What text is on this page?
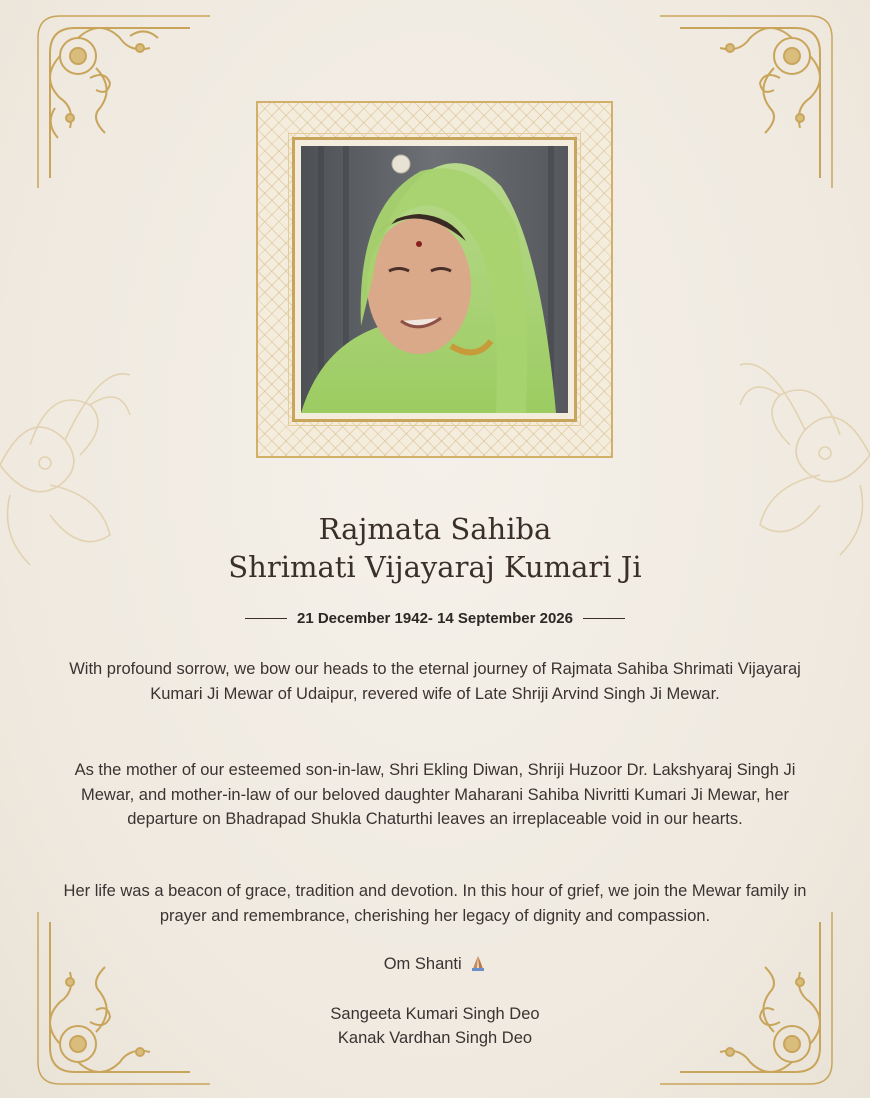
Rajmata Sahiba
Shrimati Vijayaraj Kumari Ji
21 December 1942- 14 September 2026

With profound sorrow, we bow our heads to the eternal journey of Rajmata Sahiba Shrimati Vijayaraj Kumari Ji Mewar of Udaipur, revered wife of Late Shriji Arvind Singh Ji Mewar.

As the mother of our esteemed son-in-law, Shri Ekling Diwan, Shriji Huzoor Dr. Lakshyaraj Singh Ji Mewar, and mother-in-law of our beloved daughter Maharani Sahiba Nivritti Kumari Ji Mewar, her departure on Bhadrapad Shukla Chaturthi leaves an irreplaceable void in our hearts.

Her life was a beacon of grace, tradition and devotion. In this hour of grief, we join the Mewar family in prayer and remembrance, cherishing her legacy of dignity and compassion.

Om Shanti

Sangeeta Kumari Singh Deo

Kanak Vardhan Singh Deo
